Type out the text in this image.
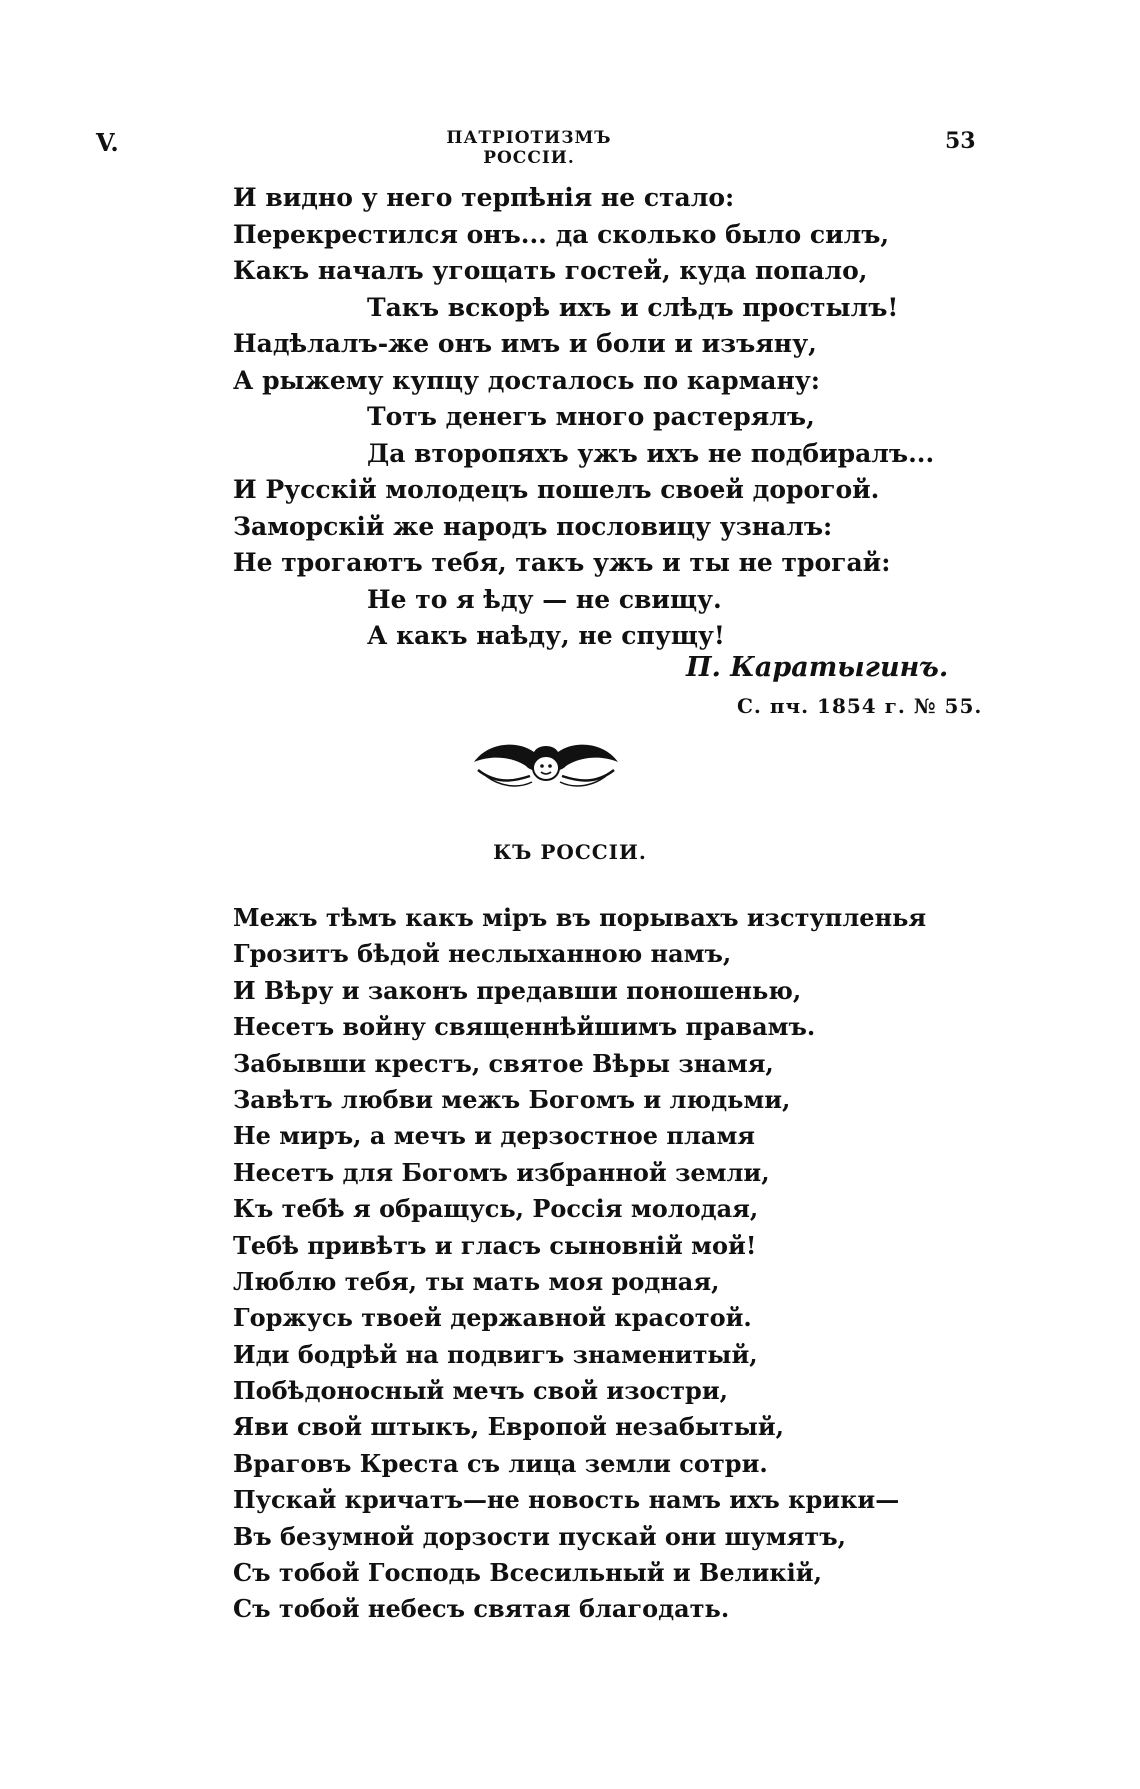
V.	ПАТРІОТИЗМЪ РОССІИ.
53
И видно у него терпѣнія не стало:
Перекрестился онъ... да сколько было силъ,
Какъ началъ угощать гостей, куда попало,
Такъ вскорѣ ихъ и слѣдъ простылъ!
Надѣлалъ-же онъ имъ и боли и изъяну,
А рыжему купцу досталось по карману:
Тотъ денегъ много растерялъ,
Да второпяхъ ужъ ихъ не подбиралъ...
И Русскій молодецъ пошелъ своей дорогой.
Заморскій же народъ пословицу узналъ:
Не трогаютъ тебя, такъ ужъ и ты не трогай:
Не то я ѣду — не свищу.
А какъ наѣду, не спущу!
П. Каратыгинъ.
С. пч. 1854 г. № 55.
КЪ РОССІИ.
Межъ тѣмъ какъ міръ въ порывахъ изступленья
Грозитъ бѣдой неслыханною намъ,
И Вѣру и законъ предавши поношенью,
Несетъ войну священнѣйшимъ правамъ.
Забывши крестъ, святое Вѣры знамя,
Завѣтъ любви межъ Богомъ и людьми,
Не миръ, а мечъ и дерзостное пламя
Несетъ для Богомъ избранной земли,
Къ тебѣ я обращусь, Россія молодая,
Тебѣ привѣтъ и гласъ сыновній мой!
Люблю тебя, ты мать моя родная,
Горжусь твоей державной красотой.
Иди бодрѣй на подвигъ знаменитый,
Побѣдоносный мечъ свой изостри,
Яви свой штыкъ, Европой незабытый,
Враговъ Креста съ лица земли сотри.
Пускай кричатъ—не новость намъ ихъ крики—
Въ безумной дорзости пускай они шумятъ,
Съ тобой Господь Всесильный и Великій,
Съ тобой небесъ святая благодать.
